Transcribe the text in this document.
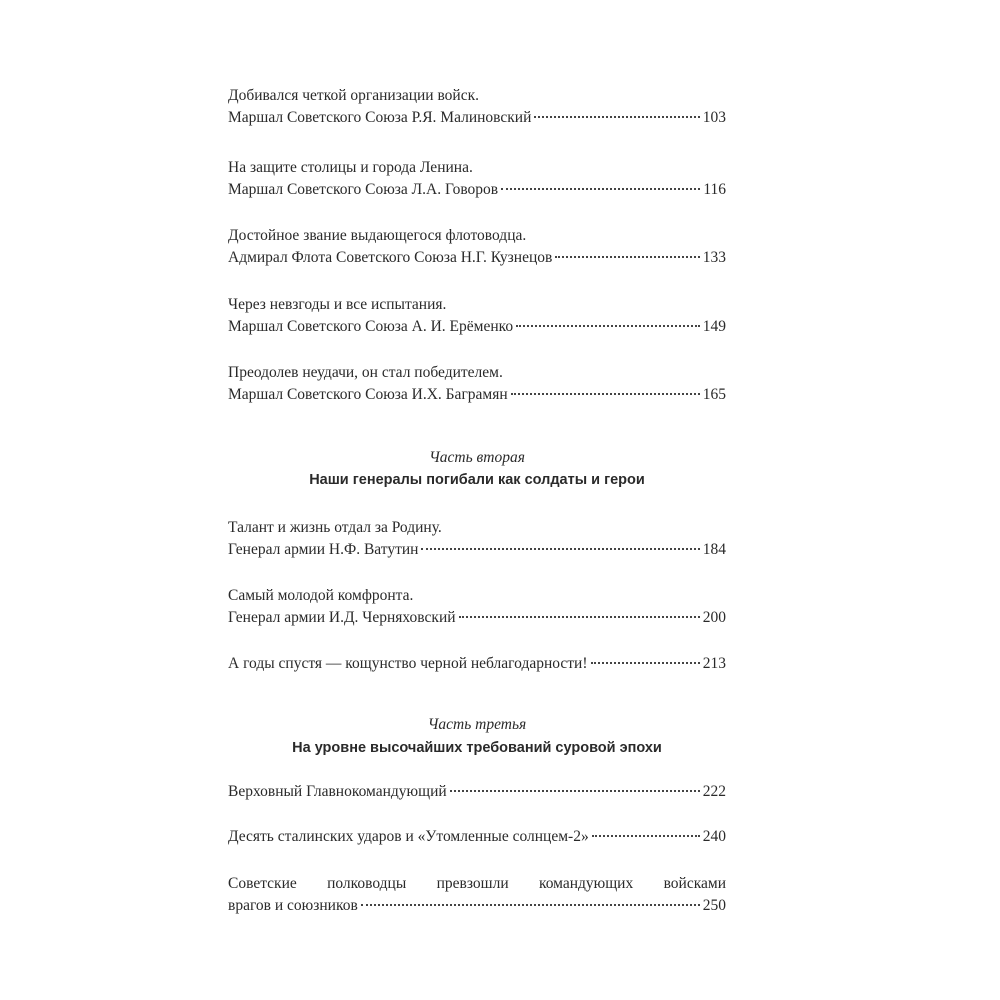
Добивался четкой организации войск.
Маршал Советского Союза Р.Я. Малиновский	103
На защите столицы и города Ленина.
Маршал Советского Союза Л.А. Говоров	116
Достойное звание выдающегося флотоводца.
Адмирал Флота Советского Союза Н.Г. Кузнецов	133
Через невзгоды и все испытания.
Маршал Советского Союза А. И. Ерёменко	149
Преодолев неудачи, он стал победителем.
Маршал Советского Союза И.Х. Баграмян	165
Часть вторая
Наши генералы погибали как солдаты и герои
Талант и жизнь отдал за Родину.
Генерал армии Н.Ф. Ватутин	184
Самый молодой комфронта.
Генерал армии И.Д. Черняховский	200
А годы спустя — кощунство черной неблагодарности!	213
Часть третья
На уровне высочайших требований суровой эпохи
Верховный Главнокомандующий	222
Десять сталинских ударов и «Утомленные солнцем-2»	240
Советские полководцы превзошли командующих войсками
врагов и союзников	250
